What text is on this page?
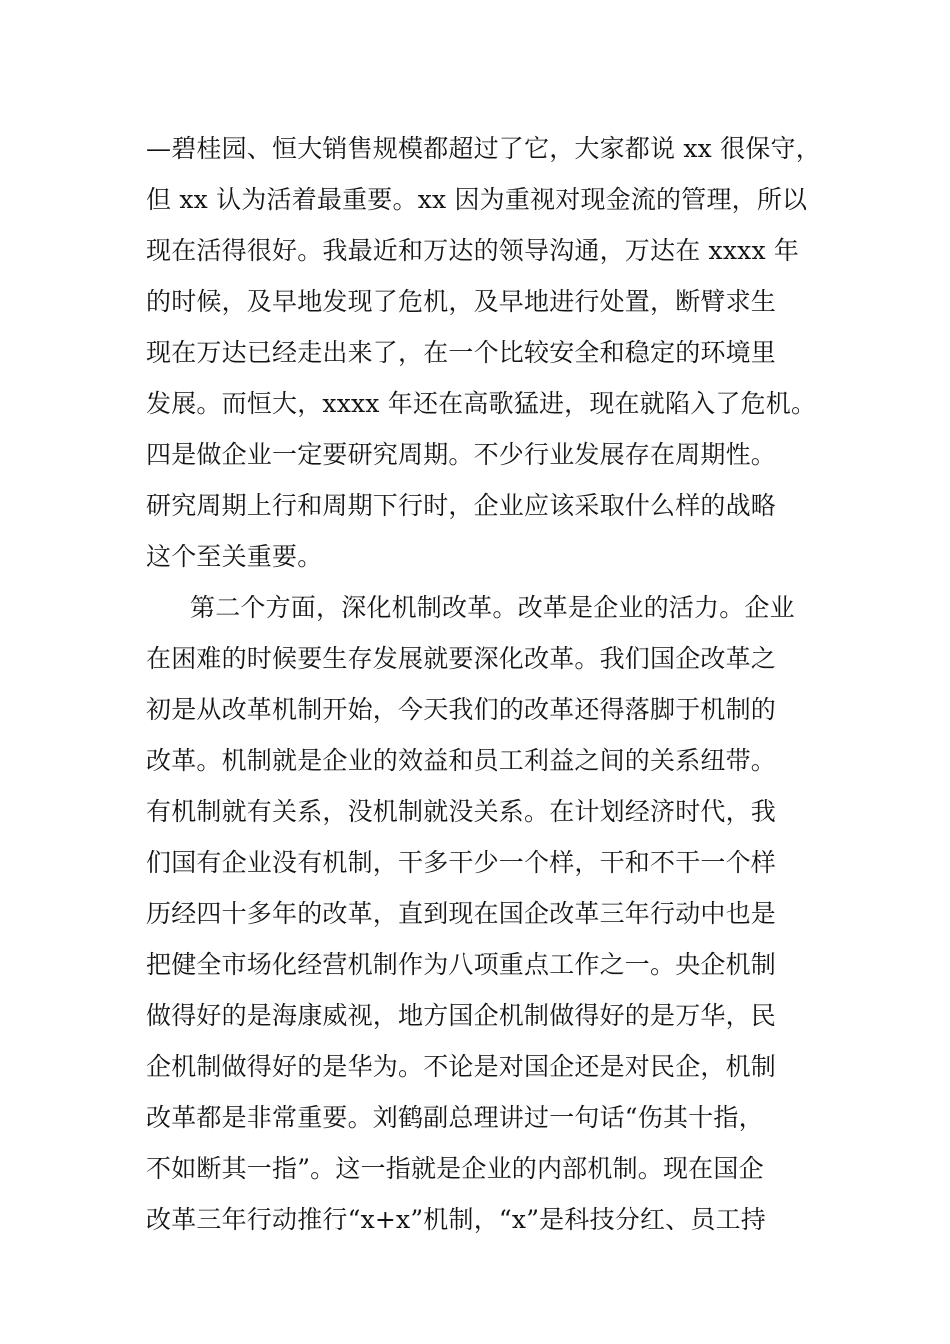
—碧桂园、恒大销售规模都超过了它，大家都说 xx 很保守，
但 xx 认为活着最重要。xx 因为重视对现金流的管理，所以
现在活得很好。我最近和万达的领导沟通，万达在 xxxx 年
的时候，及早地发现了危机，及早地进行处置，断臂求生
现在万达已经走出来了，在一个比较安全和稳定的环境里
发展。而恒大，xxxx 年还在高歌猛进，现在就陷入了危机。
四是做企业一定要研究周期。不少行业发展存在周期性。
研究周期上行和周期下行时，企业应该采取什么样的战略
这个至关重要。
第二个方面，深化机制改革。改革是企业的活力。企业
在困难的时候要生存发展就要深化改革。我们国企改革之
初是从改革机制开始，今天我们的改革还得落脚于机制的
改革。机制就是企业的效益和员工利益之间的关系纽带。
有机制就有关系，没机制就没关系。在计划经济时代，我
们国有企业没有机制，干多干少一个样，干和不干一个样
历经四十多年的改革，直到现在国企改革三年行动中也是
把健全市场化经营机制作为八项重点工作之一。央企机制
做得好的是海康威视，地方国企机制做得好的是万华，民
企机制做得好的是华为。不论是对国企还是对民企，机制
改革都是非常重要。刘鹤副总理讲过一句话“伤其十指，
不如断其一指”。这一指就是企业的内部机制。现在国企
改革三年行动推行“x+x”机制，“x”是科技分红、员工持
